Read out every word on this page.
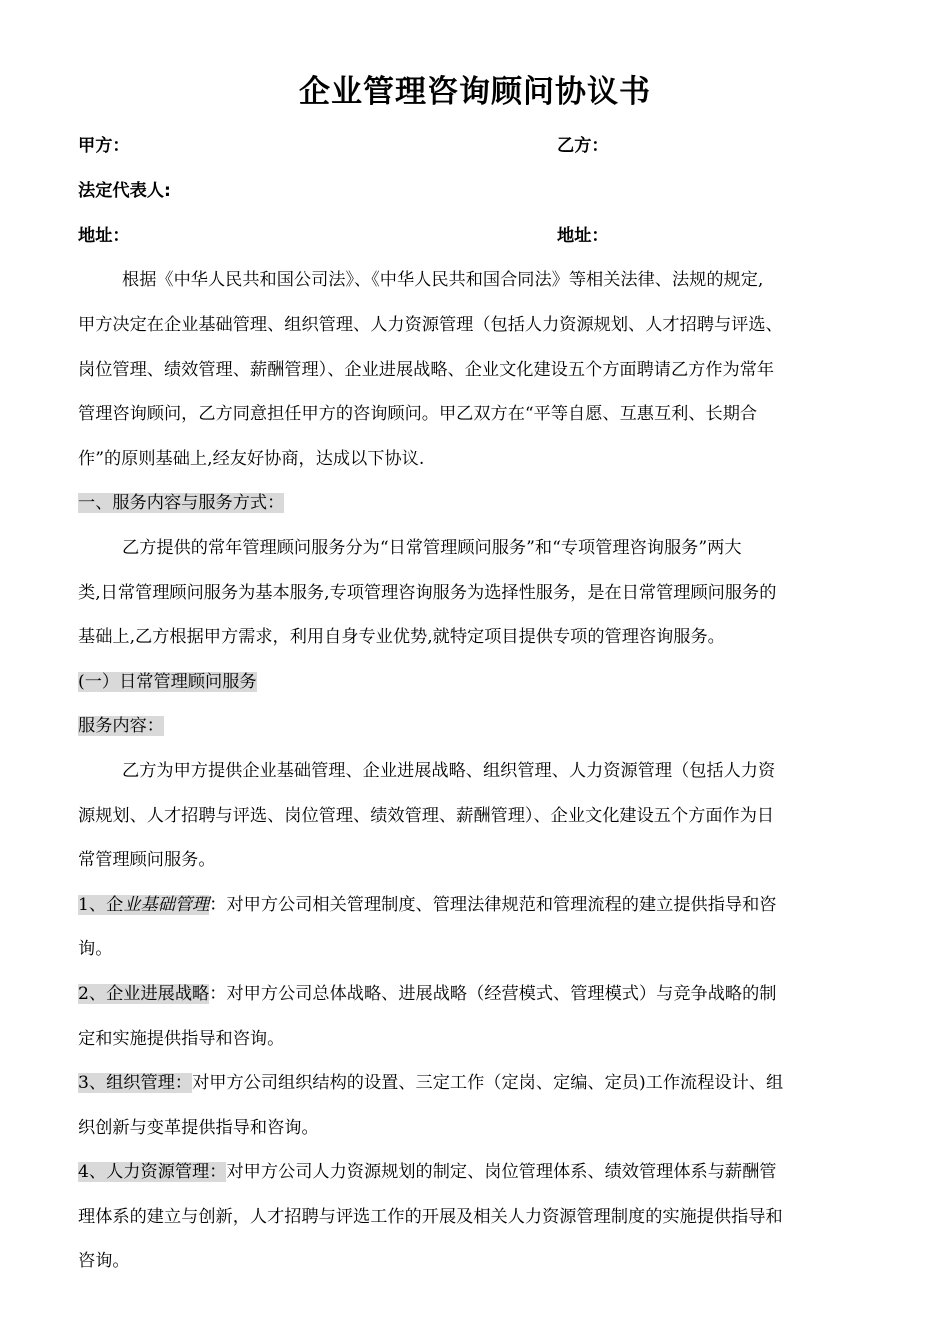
企业管理咨询顾问协议书
甲方：	乙方：
法定代表人:
地址：	地址：
根据《中华人民共和国公司法》、《中华人民共和国合同法》等相关法律、法规的规定,
甲方决定在企业基础管理、组织管理、人力资源管理（包括人力资源规划、人才招聘与评选、
岗位管理、绩效管理、薪酬管理）、企业进展战略、企业文化建设五个方面聘请乙方作为常年
管理咨询顾问，乙方同意担任甲方的咨询顾问。甲乙双方在“平等自愿、互惠互利、长期合
作”的原则基础上,经友好协商，达成以下协议.
一、服务内容与服务方式：
乙方提供的常年管理顾问服务分为“日常管理顾问服务”和“专项管理咨询服务”两大
类,日常管理顾问服务为基本服务,专项管理咨询服务为选择性服务，是在日常管理顾问服务的
基础上,乙方根据甲方需求，利用自身专业优势,就特定项目提供专项的管理咨询服务。
(一）日常管理顾问服务
服务内容：
乙方为甲方提供企业基础管理、企业进展战略、组织管理、人力资源管理（包括人力资
源规划、人才招聘与评选、岗位管理、绩效管理、薪酬管理）、企业文化建设五个方面作为日
常管理顾问服务。
1、企业基础管理：对甲方公司相关管理制度、管理法律规范和管理流程的建立提供指导和咨
询。
2、企业进展战略：对甲方公司总体战略、进展战略（经营模式、管理模式）与竞争战略的制
定和实施提供指导和咨询。
3、组织管理：对甲方公司组织结构的设置、三定工作（定岗、定编、定员)工作流程设计、组
织创新与变革提供指导和咨询。
4、人力资源管理：对甲方公司人力资源规划的制定、岗位管理体系、绩效管理体系与薪酬管
理体系的建立与创新，人才招聘与评选工作的开展及相关人力资源管理制度的实施提供指导和
咨询。
